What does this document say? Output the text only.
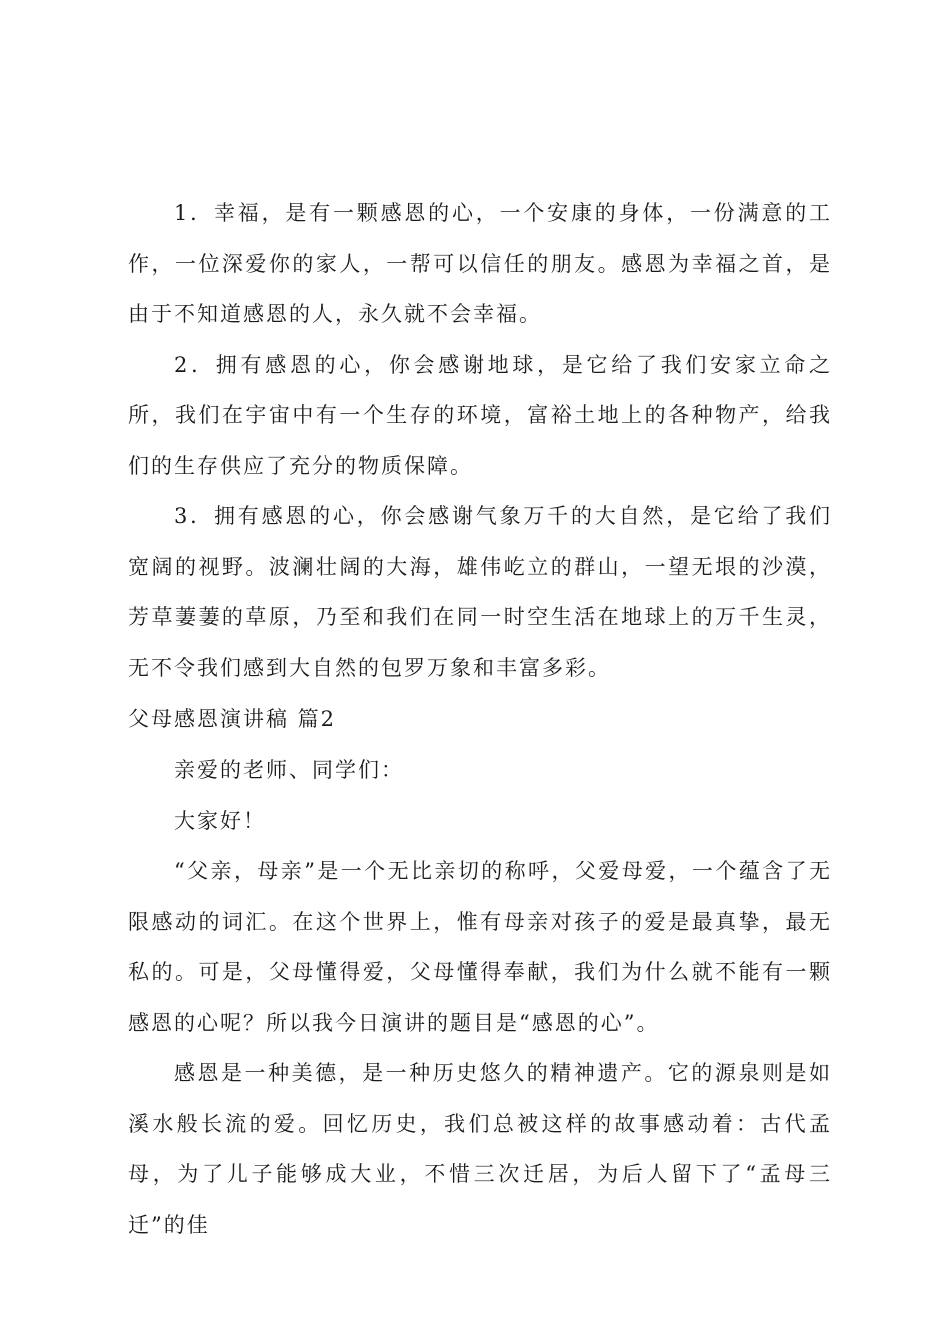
1．幸福，是有一颗感恩的心，一个安康的身体，一份满意的工作，一位深爱你的家人，一帮可以信任的朋友。感恩为幸福之首，是由于不知道感恩的人，永久就不会幸福。

2．拥有感恩的心，你会感谢地球，是它给了我们安家立命之所，我们在宇宙中有一个生存的环境，富裕土地上的各种物产，给我们的生存供应了充分的物质保障。

3．拥有感恩的心，你会感谢气象万千的大自然，是它给了我们宽阔的视野。波澜壮阔的大海，雄伟屹立的群山，一望无垠的沙漠，芳草萋萋的草原，乃至和我们在同一时空生活在地球上的万千生灵，无不令我们感到大自然的包罗万象和丰富多彩。

父母感恩演讲稿 篇2

亲爱的老师、同学们：

大家好！

“父亲，母亲”是一个无比亲切的称呼，父爱母爱，一个蕴含了无限感动的词汇。在这个世界上，惟有母亲对孩子的爱是最真挚，最无私的。可是，父母懂得爱，父母懂得奉献，我们为什么就不能有一颗感恩的心呢？所以我今日演讲的题目是“感恩的心”。

感恩是一种美德，是一种历史悠久的精神遗产。它的源泉则是如溪水般长流的爱。回忆历史，我们总被这样的故事感动着：古代孟母，为了儿子能够成大业，不惜三次迁居，为后人留下了“孟母三迁”的佳
